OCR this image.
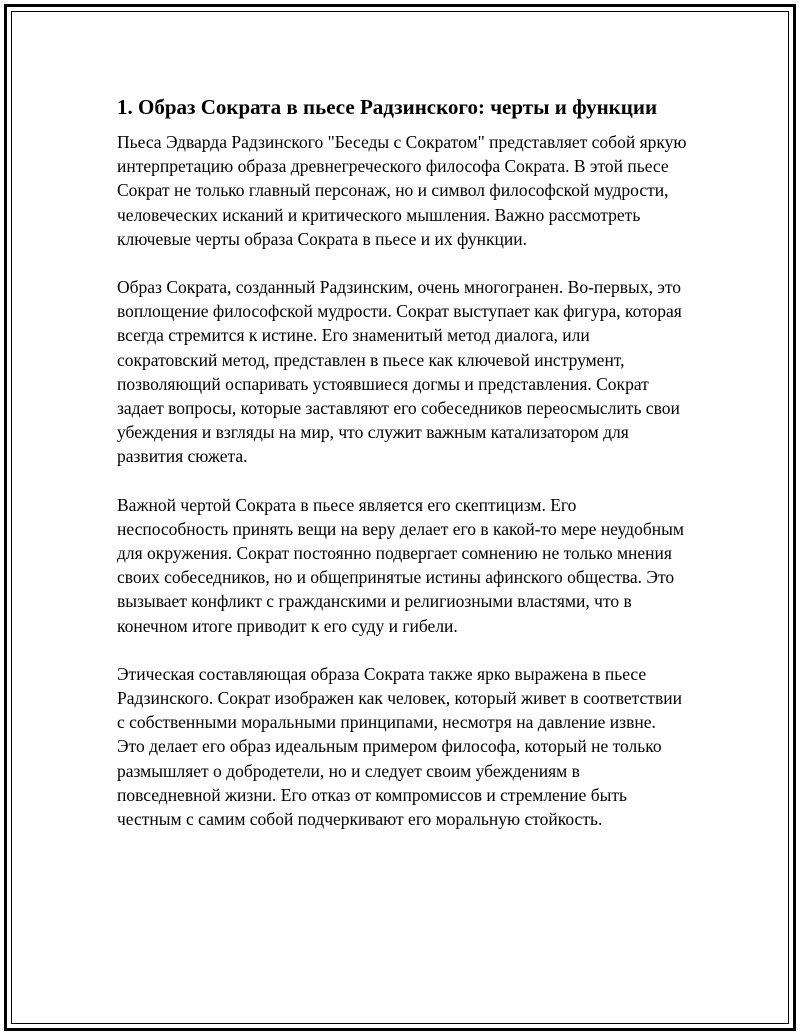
1. Образ Сократа в пьесе Радзинского: черты и функции

Пьеса Эдварда Радзинского "Беседы с Сократом" представляет собой яркую интерпретацию образа древнегреческого философа Сократа. В этой пьесе Сократ не только главный персонаж, но и символ философской мудрости, человеческих исканий и критического мышления. Важно рассмотреть ключевые черты образа Сократа в пьесе и их функции.

Образ Сократа, созданный Радзинским, очень многогранен. Во-первых, это воплощение философской мудрости. Сократ выступает как фигура, которая всегда стремится к истине. Его знаменитый метод диалога, или сократовский метод, представлен в пьесе как ключевой инструмент, позволяющий оспаривать устоявшиеся догмы и представления. Сократ задает вопросы, которые заставляют его собеседников переосмыслить свои убеждения и взгляды на мир, что служит важным катализатором для развития сюжета.

Важной чертой Сократа в пьесе является его скептицизм. Его неспособность принять вещи на веру делает его в какой-то мере неудобным для окружения. Сократ постоянно подвергает сомнению не только мнения своих собеседников, но и общепринятые истины афинского общества. Это вызывает конфликт с гражданскими и религиозными властями, что в конечном итоге приводит к его суду и гибели.

Этическая составляющая образа Сократа также ярко выражена в пьесе Радзинского. Сократ изображен как человек, который живет в соответствии с собственными моральными принципами, несмотря на давление извне. Это делает его образ идеальным примером философа, который не только размышляет о добродетели, но и следует своим убеждениям в повседневной жизни. Его отказ от компромиссов и стремление быть честным с самим собой подчеркивают его моральную стойкость.
